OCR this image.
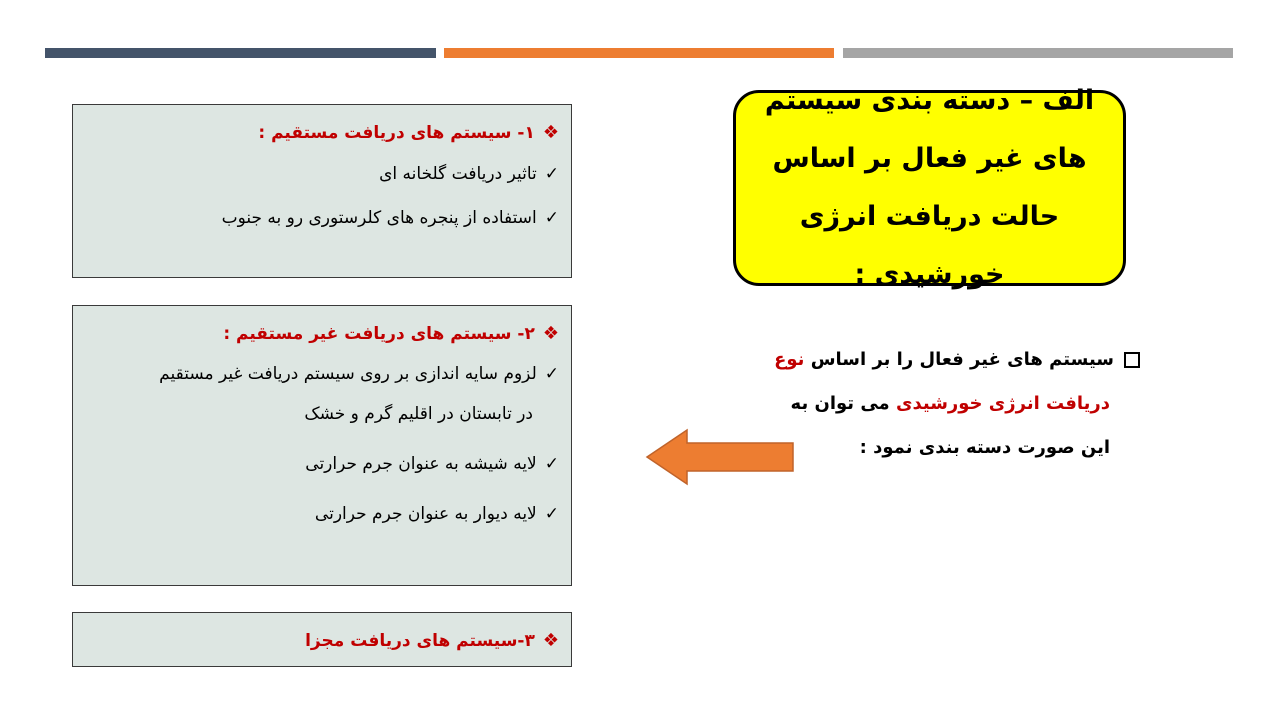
الف – دسته بندی سیستم های غیر فعال بر اساس حالت دریافت انرژی خورشیدی :
سیستم های غیر فعال را بر اساس نوع
دریافت انرژی خورشیدی می توان به
این صورت دسته بندی نمود :
❖۱- سیستم های دریافت مستقیم :
✓تاثیر دریافت گلخانه ای
✓استفاده از پنجره های کلرستوری رو به جنوب
❖۲- سیستم های دریافت غیر مستقیم :
✓لزوم سایه اندازی بر روی سیستم دریافت غیر مستقیم
در تابستان در اقلیم گرم و خشک
✓لایه شیشه به عنوان جرم حرارتی
✓لایه دیوار به عنوان جرم حرارتی
❖۳-سیستم های دریافت مجزا
